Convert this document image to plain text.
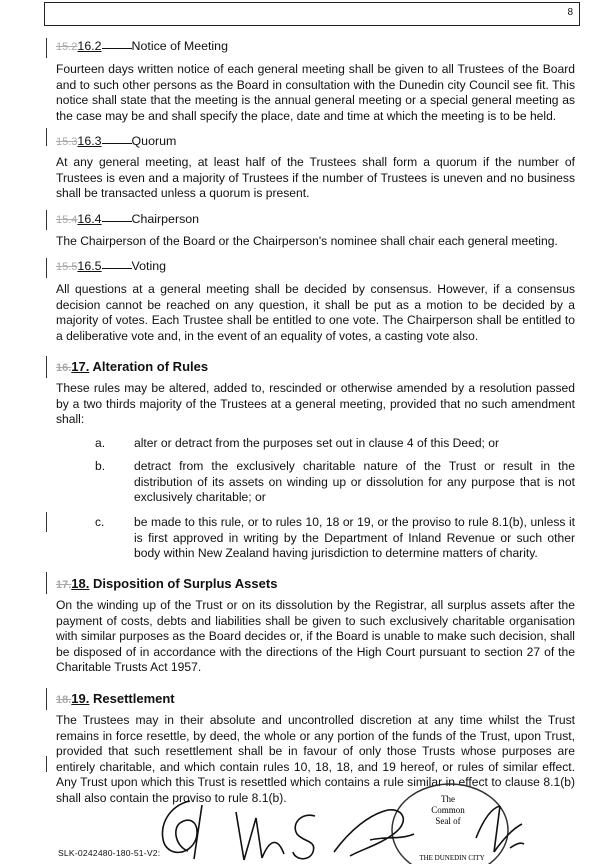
8
15.216.2 Notice of Meeting

Fourteen days written notice of each general meeting shall be given to all Trustees of the Board and to such other persons as the Board in consultation with the Dunedin city Council see fit. This notice shall state that the meeting is the annual general meeting or a special general meeting as the case may be and shall specify the place, date and time at which the meeting is to be held.

15.316.3 Quorum

At any general meeting, at least half of the Trustees shall form a quorum if the number of Trustees is even and a majority of Trustees if the number of Trustees is uneven and no business shall be transacted unless a quorum is present.

15.416.4 Chairperson

The Chairperson of the Board or the Chairperson's nominee shall chair each general meeting.

15.516.5 Voting

All questions at a general meeting shall be decided by consensus. However, if a consensus decision cannot be reached on any question, it shall be put as a motion to be decided by a majority of votes. Each Trustee shall be entitled to one vote. The Chairperson shall be entitled to a deliberative vote and, in the event of an equality of votes, a casting vote also.

16.17. Alteration of Rules

These rules may be altered, added to, rescinded or otherwise amended by a resolution passed by a two thirds majority of the Trustees at a general meeting, provided that no such amendment shall:

a. alter or detract from the purposes set out in clause 4 of this Deed; or
b. detract from the exclusively charitable nature of the Trust or result in the distribution of its assets on winding up or dissolution for any purpose that is not exclusively charitable; or
c. be made to this rule, or to rules 10, 18 or 19, or the proviso to rule 8.1(b), unless it is first approved in writing by the Department of Inland Revenue or such other body within New Zealand having jurisdiction to determine matters of charity.
17.18. Disposition of Surplus Assets

On the winding up of the Trust or on its dissolution by the Registrar, all surplus assets after the payment of costs, debts and liabilities shall be given to such exclusively charitable organisation with similar purposes as the Board decides or, if the Board is unable to make such decision, shall be disposed of in accordance with the directions of the High Court pursuant to section 27 of the Charitable Trusts Act 1957.

18.19. Resettlement

The Trustees may in their absolute and uncontrolled discretion at any time whilst the Trust remains in force resettle, by deed, the whole or any portion of the funds of the Trust, upon Trust, provided that such resettlement shall be in favour of only those Trusts whose purposes are entirely charitable, and which contain rules 10, 18, 18, and 19 hereof, or rules of similar effect. Any Trust upon which this Trust is resettled which contains a rule similar in effect to clause 8.1(b) shall also contain the proviso to rule 8.1(b).	The
Common
Seal of
THE DUNEDIN CITY
SLK-0242480-180-51-V2:
